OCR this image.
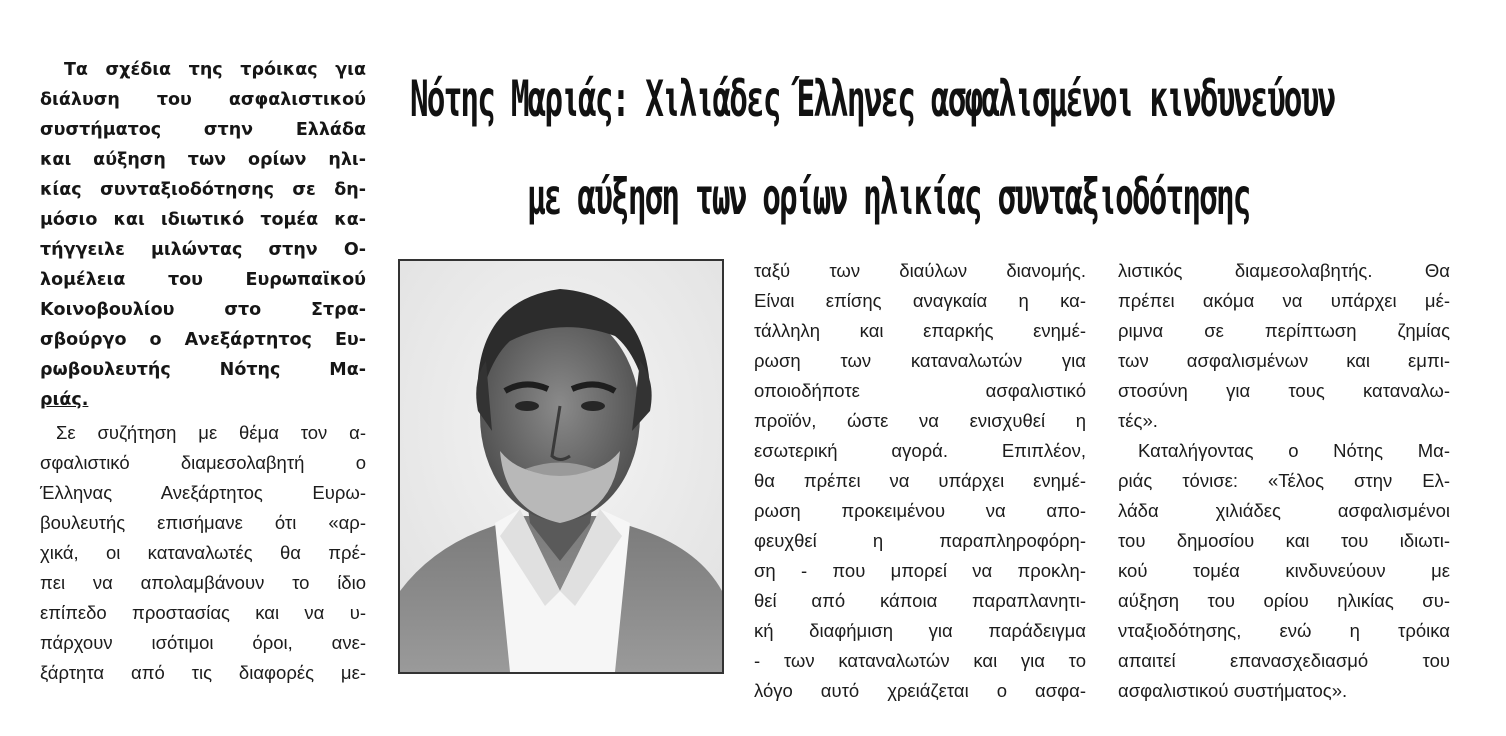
Νότης Μαριάς: Χιλιάδες Έλληνες ασφαλισμένοι κινδυνεύουν
με αύξηση των ορίων ηλικίας συνταξιοδότησης
Τα σχέδια της τρόικας για
διάλυση του ασφαλιστικού
συστήματος στην Ελλάδα
και αύξηση των ορίων ηλι-
κίας συνταξιοδότησης σε δη-
μόσιο και ιδιωτικό τομέα κα-
τήγγειλε μιλώντας στην Ο-
λομέλεια του Ευρωπαϊκού
Κοινοβουλίου στο Στρα-
σβούργο ο Ανεξάρτητος Ευ-
ρωβουλευτής Νότης Μα-
ριάς.
Σε συζήτηση με θέμα τον α-
σφαλιστικό διαμεσολαβητή ο
Έλληνας Ανεξάρτητος Ευρω-
βουλευτής επισήμανε ότι «αρ-
χικά, οι καταναλωτές θα πρέ-
πει να απολαμβάνουν το ίδιο
επίπεδο προστασίας και να υ-
πάρχουν ισότιμοι όροι, ανε-
ξάρτητα από τις διαφορές με-
ταξύ των διαύλων διανομής.
Είναι επίσης αναγκαία η κα-
τάλληλη και επαρκής ενημέ-
ρωση των καταναλωτών για
οποιοδήποτε ασφαλιστικό
προϊόν, ώστε να ενισχυθεί η
εσωτερική αγορά. Επιπλέον,
θα πρέπει να υπάρχει ενημέ-
ρωση προκειμένου να απο-
φευχθεί η παραπληροφόρη-
ση - που μπορεί να προκλη-
θεί από κάποια παραπλανητι-
κή διαφήμιση για παράδειγμα
- των καταναλωτών και για το
λόγο αυτό χρειάζεται ο ασφα-
λιστικός διαμεσολαβητής. Θα
πρέπει ακόμα να υπάρχει μέ-
ριμνα σε περίπτωση ζημίας
των ασφαλισμένων και εμπι-
στοσύνη για τους καταναλω-
τές».
Καταλήγοντας ο Νότης Μα-
ριάς τόνισε: «Τέλος στην Ελ-
λάδα χιλιάδες ασφαλισμένοι
του δημοσίου και του ιδιωτι-
κού τομέα κινδυνεύουν με
αύξηση του ορίου ηλικίας συ-
νταξιοδότησης, ενώ η τρόικα
απαιτεί επανασχεδιασμό του
ασφαλιστικού συστήματος».
